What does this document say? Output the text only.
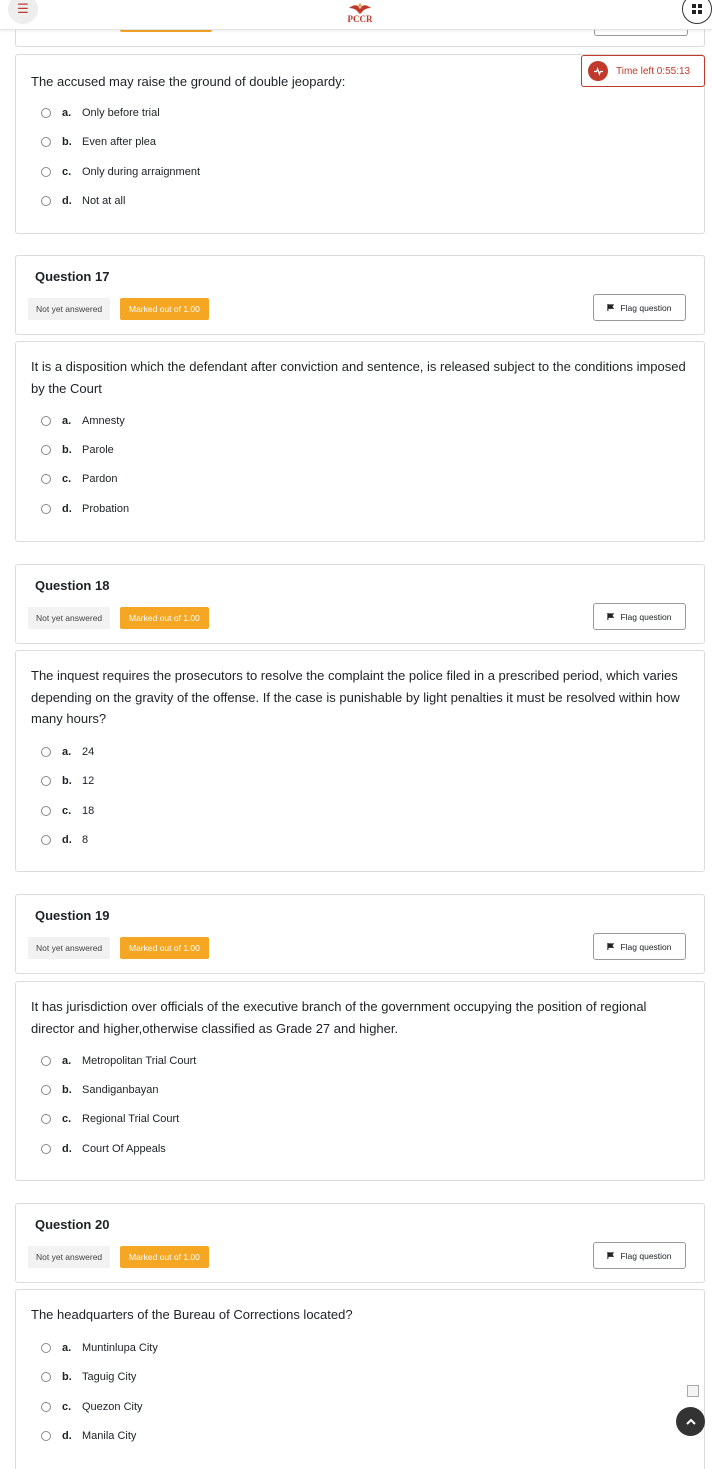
☰
PCCR
Time left 0:55:13
The accused may raise the ground of double jeopardy:
a. Only before trial
b. Even after plea
c. Only during arraignment
d. Not at all
Question 17
Not yet answered	Marked out of 1.00	Flag question
It is a disposition which the defendant after conviction and sentence, is released subject to the conditions imposed by the Court
a. Amnesty
b. Parole
c. Pardon
d. Probation
Question 18
Not yet answered	Marked out of 1.00	Flag question
The inquest requires the prosecutors to resolve the complaint the police filed in a prescribed period, which varies depending on the gravity of the offense. If the case is punishable by light penalties it must be resolved within how many hours?
a. 24
b. 12
c. 18
d. 8
Question 19
Not yet answered	Marked out of 1.00	Flag question
It has jurisdiction over officials of the executive branch of the government occupying the position of regional director and higher,otherwise classified as Grade 27 and higher.
a. Metropolitan Trial Court
b. Sandiganbayan
c. Regional Trial Court
d. Court Of Appeals
Question 20
Not yet answered	Marked out of 1.00	Flag question
The headquarters of the Bureau of Corrections located?
a. Muntinlupa City
b. Taguig City
c. Quezon City
d. Manila City
